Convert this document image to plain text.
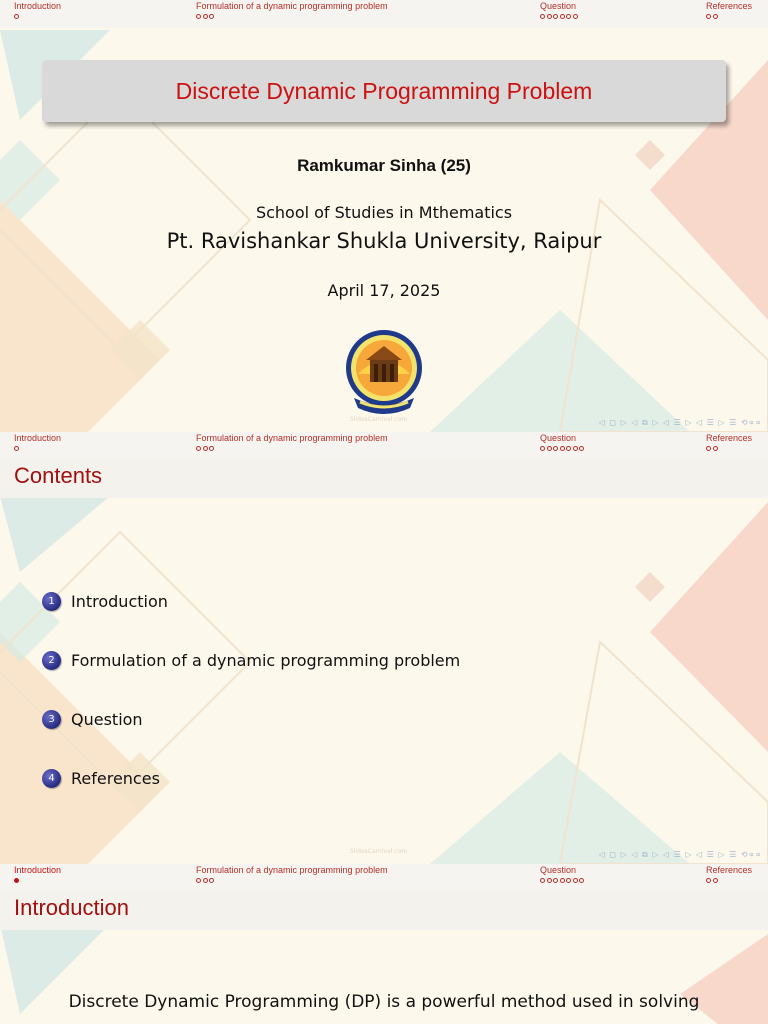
Introduction	Formulation of a dynamic programming problem	Question	References
Discrete Dynamic Programming Problem
Ramkumar Sinha (25)
School of Studies in Mthematics
Pt. Ravishankar Shukla University, Raipur
April 17, 2025
SlidesCarnival.com	◁ ◻ ▷ ◁ ⧉ ▷ ◁ ☰ ▷ ◁ ☰ ▷ ☰ ⟲∝∝
Introduction	Formulation of a dynamic programming problem	Question	References
Contents
1	Introduction
2	Formulation of a dynamic programming problem
3	Question
4	References
SlidesCarnival.com	◁ ◻ ▷ ◁ ⧉ ▷ ◁ ☰ ▷ ◁ ☰ ▷ ☰ ⟲∝∝
Introduction	Formulation of a dynamic programming problem	Question	References
Introduction
Discrete Dynamic Programming (DP) is a powerful method used in solving
